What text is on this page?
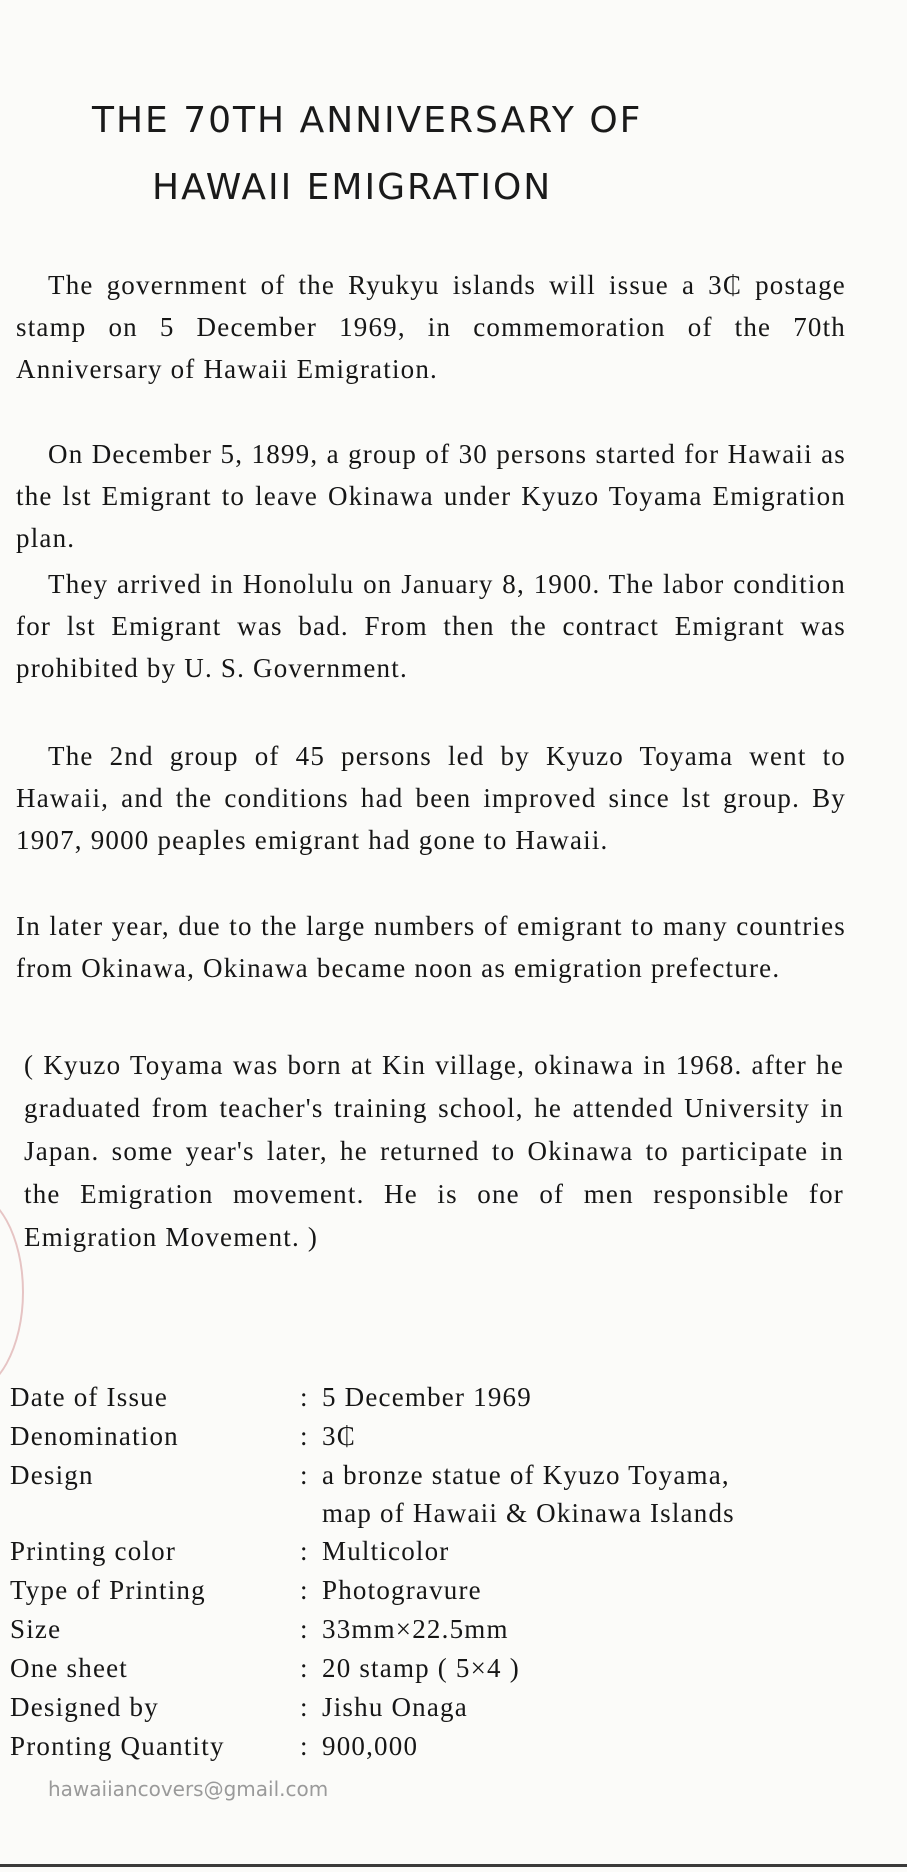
THE 70TH ANNIVERSARY OF
HAWAII EMIGRATION

The government of the Ryukyu islands will issue a 3₵ postage stamp on 5 December 1969, in commemoration of the 70th Anniversary of Hawaii Emigration.

On December 5, 1899, a group of 30 persons started for Hawaii as the lst Emigrant to leave Okinawa under Kyuzo Toyama Emigration plan.

They arrived in Honolulu on January 8, 1900. The labor condition for lst Emigrant was bad. From then the contract Emigrant was prohibited by U. S. Government.

The 2nd group of 45 persons led by Kyuzo Toyama went to Hawaii, and the conditions had been improved since lst group. By 1907, 9000 peaples emigrant had gone to Hawaii.

In later year, due to the large numbers of emigrant to many countries from Okinawa, Okinawa became noon as emigration prefecture.

( Kyuzo Toyama was born at Kin village, okinawa in 1968. after he graduated from teacher's training school, he attended University in Japan. some year's later, he returned to Okinawa to participate in the Emigration movement. He is one of men responsible for Emigration Movement. )

Date of Issue	: 5 December 1969
Denomination	: 3₵
Design	: a bronze statue of Kyuzo Toyama,
map of Hawaii & Okinawa Islands
Printing color	: Multicolor
Type of Printing	: Photogravure
Size	: 33mm×22.5mm
One sheet	: 20 stamp ( 5×4 )
Designed by	: Jishu Onaga
Pronting Quantity	: 900,000
hawaiiancovers@gmail.com
